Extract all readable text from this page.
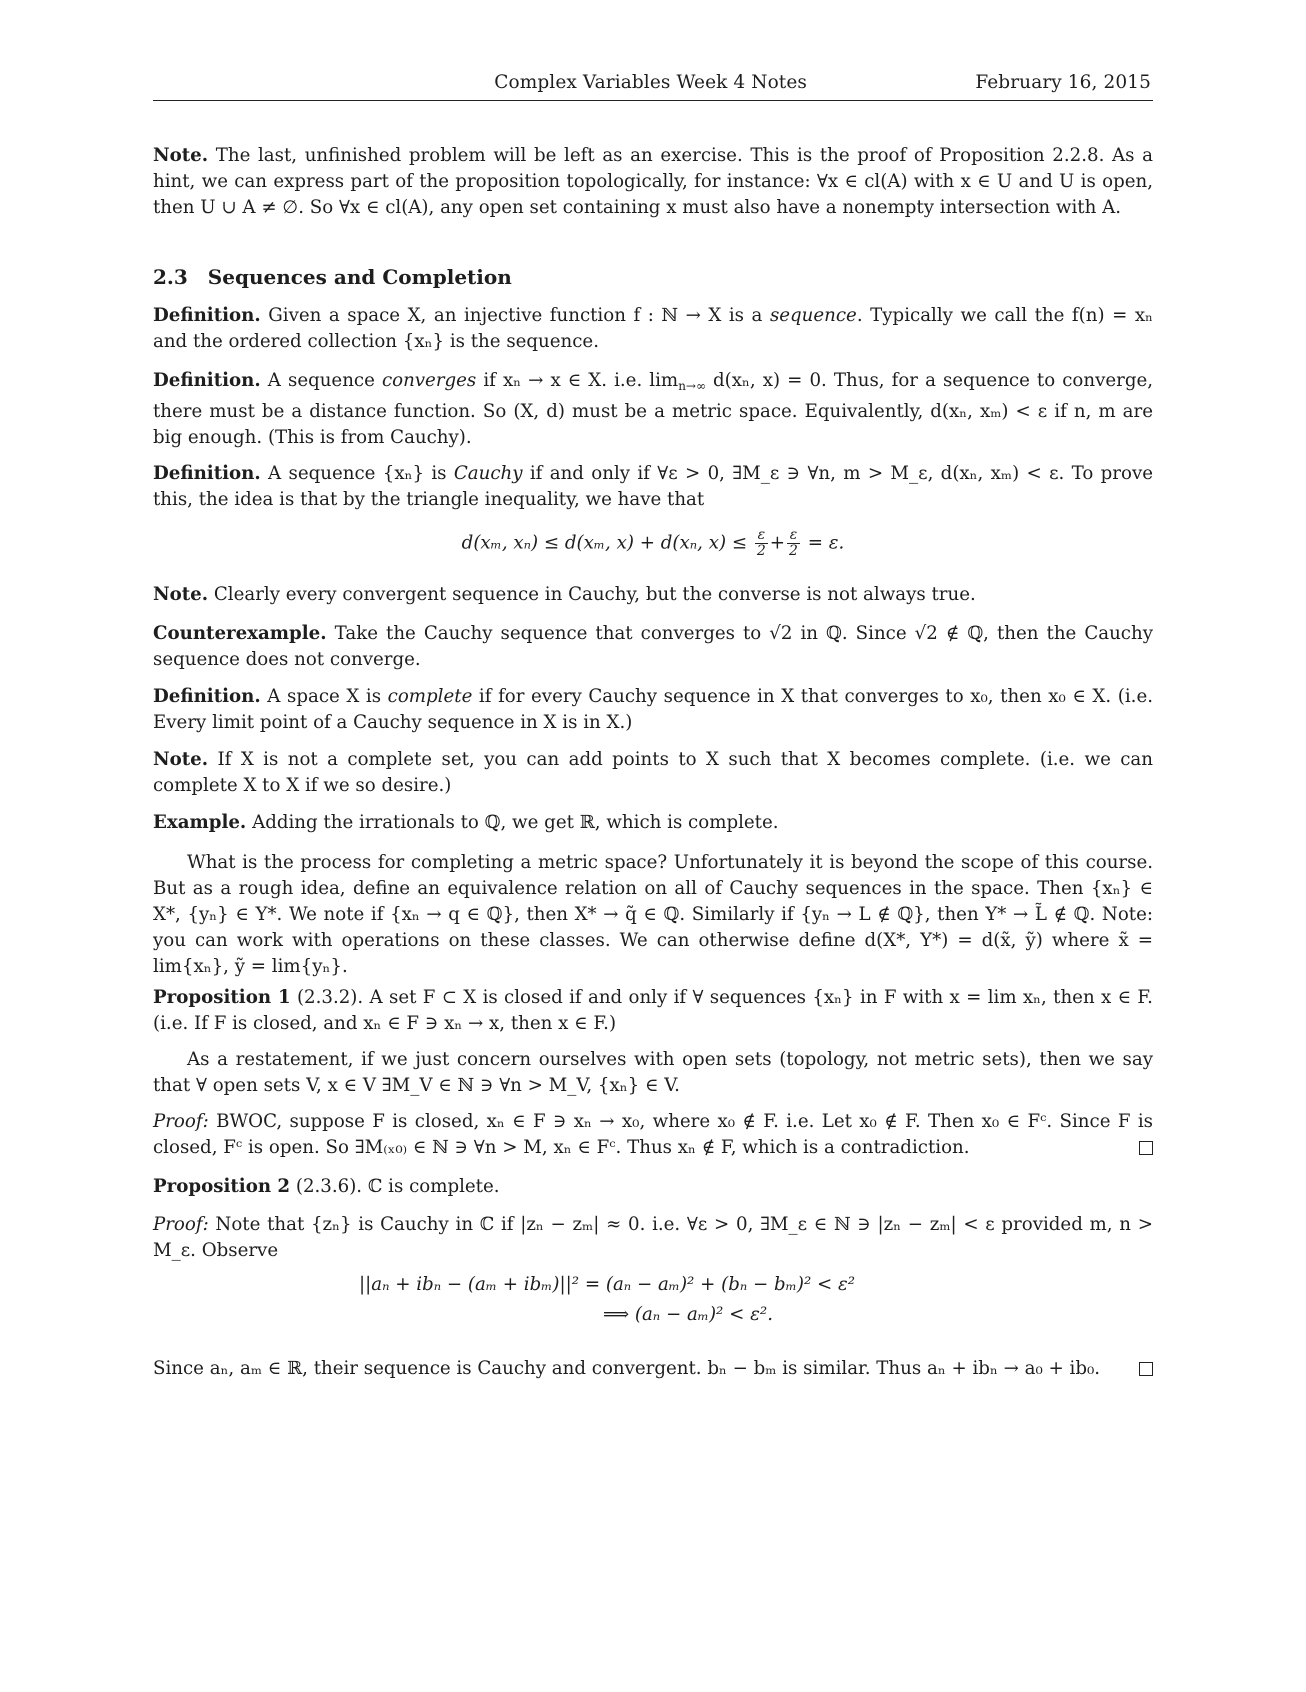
Complex Variables Week 4 Notes	February 16, 2015

Note. The last, unfinished problem will be left as an exercise. This is the proof of Proposition 2.2.8. As a hint, we can express part of the proposition topologically, for instance: ∀x ∈ cl(A) with x ∈ U and U is open, then U ∪ A ≠ ∅. So ∀x ∈ cl(A), any open set containing x must also have a nonempty intersection with A.

2.3 Sequences and Completion

Definition. Given a space X, an injective function f : ℕ → X is a sequence. Typically we call the f(n) = xₙ and the ordered collection {xₙ} is the sequence.

Definition. A sequence converges if xₙ → x ∈ X. i.e. $\lim_{n\to\infty} d(x_n$, x) = 0. Thus, for a sequence to converge, there must be a distance function. So (X, d) must be a metric space. Equivalently, d(xₙ, xₘ) < ε if n, m are big enough. (This is from Cauchy).

Definition. A sequence {xₙ} is Cauchy if and only if ∀ε > 0, ∃M_ε ∋ ∀n, m > M_ε, d(xₙ, xₘ) < ε. To prove this, the idea is that by the triangle inequality, we have that

d(xₘ, xₙ) ≤ d(xₘ, x) + d(xₙ, $x) \le \frac{\varepsilon}{2} + \frac{\varepsilon}{2} = \varepsilon$.

Note. Clearly every convergent sequence in Cauchy, but the converse is not always true.

Counterexample. Take the Cauchy sequence that converges to √2 in ℚ. Since √2 ∉ ℚ, then the Cauchy sequence does not converge.

Definition. A space X is complete if for every Cauchy sequence in X that converges to x₀, then x₀ ∈ X. (i.e. Every limit point of a Cauchy sequence in X is in X.)

Note. If X is not a complete set, you can add points to X such that X becomes complete. (i.e. we can complete X to X if we so desire.)

Example. Adding the irrationals to ℚ, we get ℝ, which is complete.

What is the process for completing a metric space? Unfortunately it is beyond the scope of this course. But as a rough idea, define an equivalence relation on all of Cauchy sequences in the space. Then {xₙ} ∈ X*, {yₙ} ∈ Y*. We note if {xₙ → q ∈ ℚ}, then X* → q̃ ∈ ℚ. Similarly if {yₙ → L ∉ ℚ}, then Y* → L̃ ∉ ℚ. Note: you can work with operations on these classes. We can otherwise define d(X*, Y*) = d(x̃, ỹ) where x̃ = lim{xₙ}, ỹ = lim{yₙ}.

Proposition 1 (2.3.2). A set F ⊂ X is closed if and only if ∀ sequences {xₙ} in F with x = lim xₙ, then x ∈ F. (i.e. If F is closed, and xₙ ∈ F ∋ xₙ → x, then x ∈ F.)

As a restatement, if we just concern ourselves with open sets (topology, not metric sets), then we say that ∀ open sets V, x ∈ V ∃M_V ∈ ℕ ∋ ∀n > M_V, {xₙ} ∈ V.

Proof: BWOC, suppose F is closed, xₙ ∈ F ∋ xₙ → x₀, where x₀ ∉ F. i.e. Let x₀ ∉ F. Then x₀ ∈ Fᶜ. Since F is closed, Fᶜ is open. So ∃M₍ₓ₀₎ ∈ ℕ ∋ ∀n > M, xₙ ∈ Fᶜ. Thus xₙ ∉ F, which is a contradiction.

Proposition 2 (2.3.6). ℂ is complete.

Proof: Note that {zₙ} is Cauchy in ℂ if |zₙ − zₘ| ≈ 0. i.e. ∀ε > 0, ∃M_ε ∈ ℕ ∋ |zₙ − zₘ| < ε provided m, n > M_ε. Observe

||aₙ + ibₙ − (aₘ + ibₘ)||² = (aₙ − aₘ)² + (bₙ − bₘ)² < ε²

⟹ (aₙ − aₘ)² < ε².

Since aₙ, aₘ ∈ ℝ, their sequence is Cauchy and convergent. bₙ − bₘ is similar. Thus aₙ + ibₙ → a₀ + ib₀.
